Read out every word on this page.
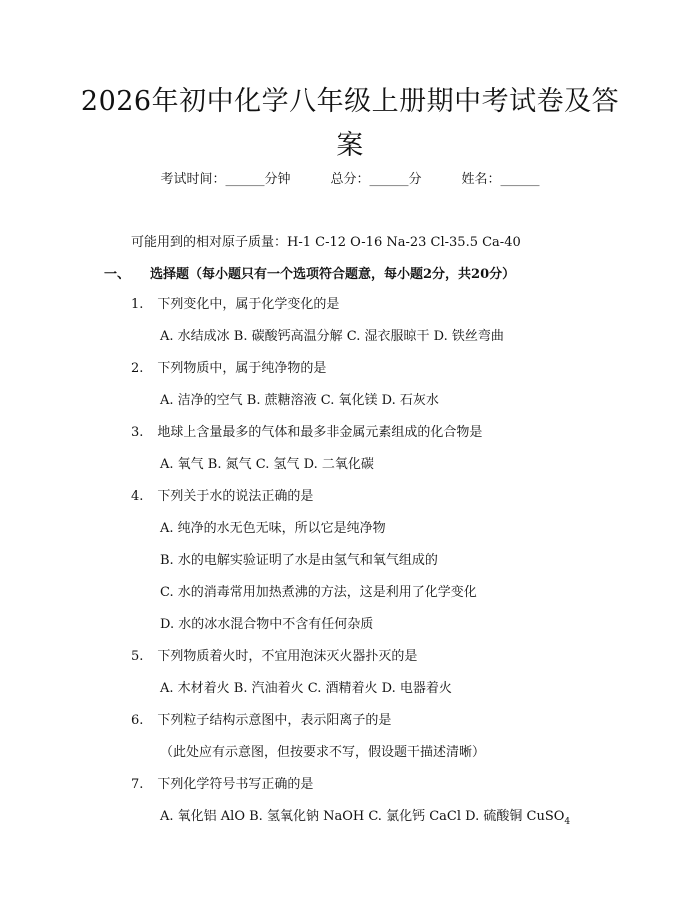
2026年初中化学八年级上册期中考试卷及答
案
考试时间：______分钟	总分：______分	姓名：______
可能用到的相对原子质量：H-1 C-12 O-16 Na-23 Cl-35.5 Ca-40
一、 选择题（每小题只有一个选项符合题意，每小题2分，共20分）
1. 下列变化中，属于化学变化的是
A. 水结成冰 B. 碳酸钙高温分解 C. 湿衣服晾干 D. 铁丝弯曲
2. 下列物质中，属于纯净物的是
A. 洁净的空气 B. 蔗糖溶液 C. 氧化镁 D. 石灰水
3. 地球上含量最多的气体和最多非金属元素组成的化合物是
A. 氧气 B. 氮气 C. 氢气 D. 二氧化碳
4. 下列关于水的说法正确的是
A. 纯净的水无色无味，所以它是纯净物
B. 水的电解实验证明了水是由氢气和氧气组成的
C. 水的消毒常用加热煮沸的方法，这是利用了化学变化
D. 水的冰水混合物中不含有任何杂质
5. 下列物质着火时，不宜用泡沫灭火器扑灭的是
A. 木材着火 B. 汽油着火 C. 酒精着火 D. 电器着火
6. 下列粒子结构示意图中，表示阳离子的是
（此处应有示意图，但按要求不写，假设题干描述清晰）
7. 下列化学符号书写正确的是
A. 氧化铝 AlO B. 氢氧化钠 NaOH C. 氯化钙 CaCl D. 硫酸铜 CuSO$_4$
